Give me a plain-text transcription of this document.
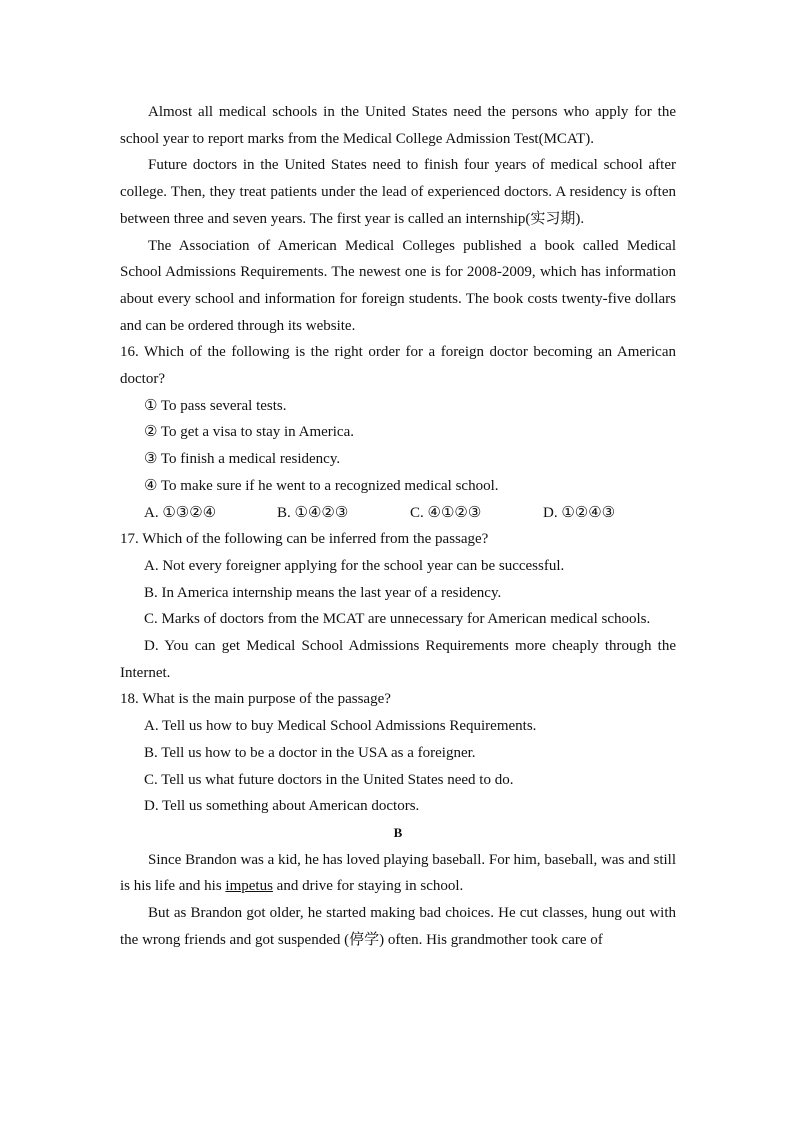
Almost all medical schools in the United States need the persons who apply for the school year to report marks from the Medical College Admission Test(MCAT).

Future doctors in the United States need to finish four years of medical school after college. Then, they treat patients under the lead of experienced doctors. A residency is often between three and seven years. The first year is called an internship(实习期).

The Association of American Medical Colleges published a book called Medical School Admissions Requirements. The newest one is for 2008-2009, which has information about every school and information for foreign students. The book costs twenty-five dollars and can be ordered through its website.

16. Which of the following is the right order for a foreign doctor becoming an American doctor?

① To pass several tests.

② To get a visa to stay in America.

③ To finish a medical residency.

④ To make sure if he went to a recognized medical school.

A. ①③②④	B. ①④②③	C. ④①②③	D. ①②④③

17. Which of the following can be inferred from the passage?

A. Not every foreigner applying for the school year can be successful.

B. In America internship means the last year of a residency.

C. Marks of doctors from the MCAT are unnecessary for American medical schools.

D. You can get Medical School Admissions Requirements more cheaply through the Internet.

18. What is the main purpose of the passage?

A. Tell us how to buy Medical School Admissions Requirements.

B. Tell us how to be a doctor in the USA as a foreigner.

C. Tell us what future doctors in the United States need to do.

D. Tell us something about American doctors.

B

Since Brandon was a kid, he has loved playing baseball. For him, baseball, was and still is his life and his impetus and drive for staying in school.

But as Brandon got older, he started making bad choices. He cut classes, hung out with the wrong friends and got suspended (停学) often. His grandmother took care of
